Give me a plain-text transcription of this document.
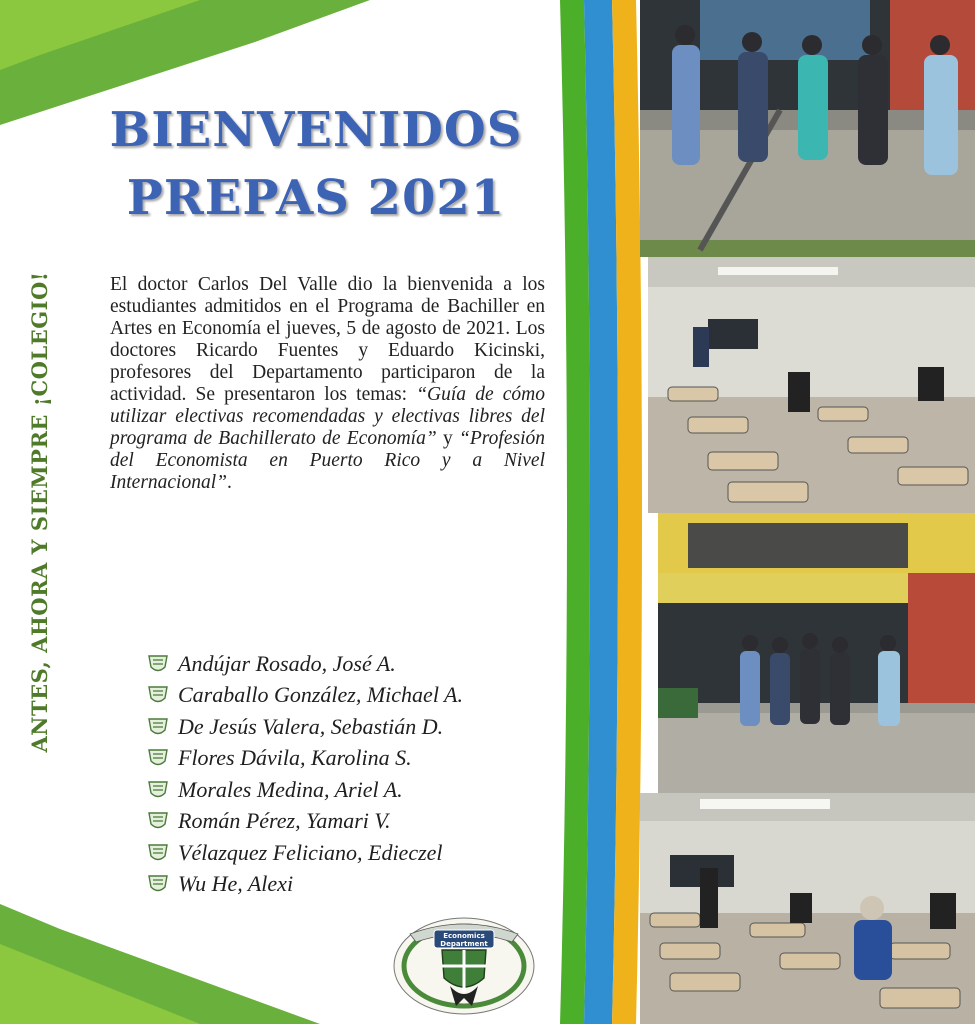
ANTES, AHORA Y SIEMPRE ¡COLEGIO!
BIENVENIDOS
PREPAS 2021

El doctor Carlos Del Valle dio la bienvenida a los estudiantes admitidos en el Programa de Bachiller en Artes en Economía el jueves, 5 de agosto de 2021. Los doctores Ricardo Fuentes y Eduardo Kicinski, profesores del Departamento participaron de la actividad. Se presentaron los temas: “Guía de cómo utilizar electivas recomendadas y electivas libres del programa de Bachillerato de Economía” y “Profesión del Economista en Puerto Rico y a Nivel Internacional”.

Andújar Rosado, José A.
Caraballo González, Michael A.
De Jesús Valera, Sebastián D.
Flores Dávila, Karolina S.
Morales Medina, Ariel A.
Román Pérez, Yamari V.
Vélazquez Feliciano, Edieczel
Wu He, Alexi
Economics
Department
